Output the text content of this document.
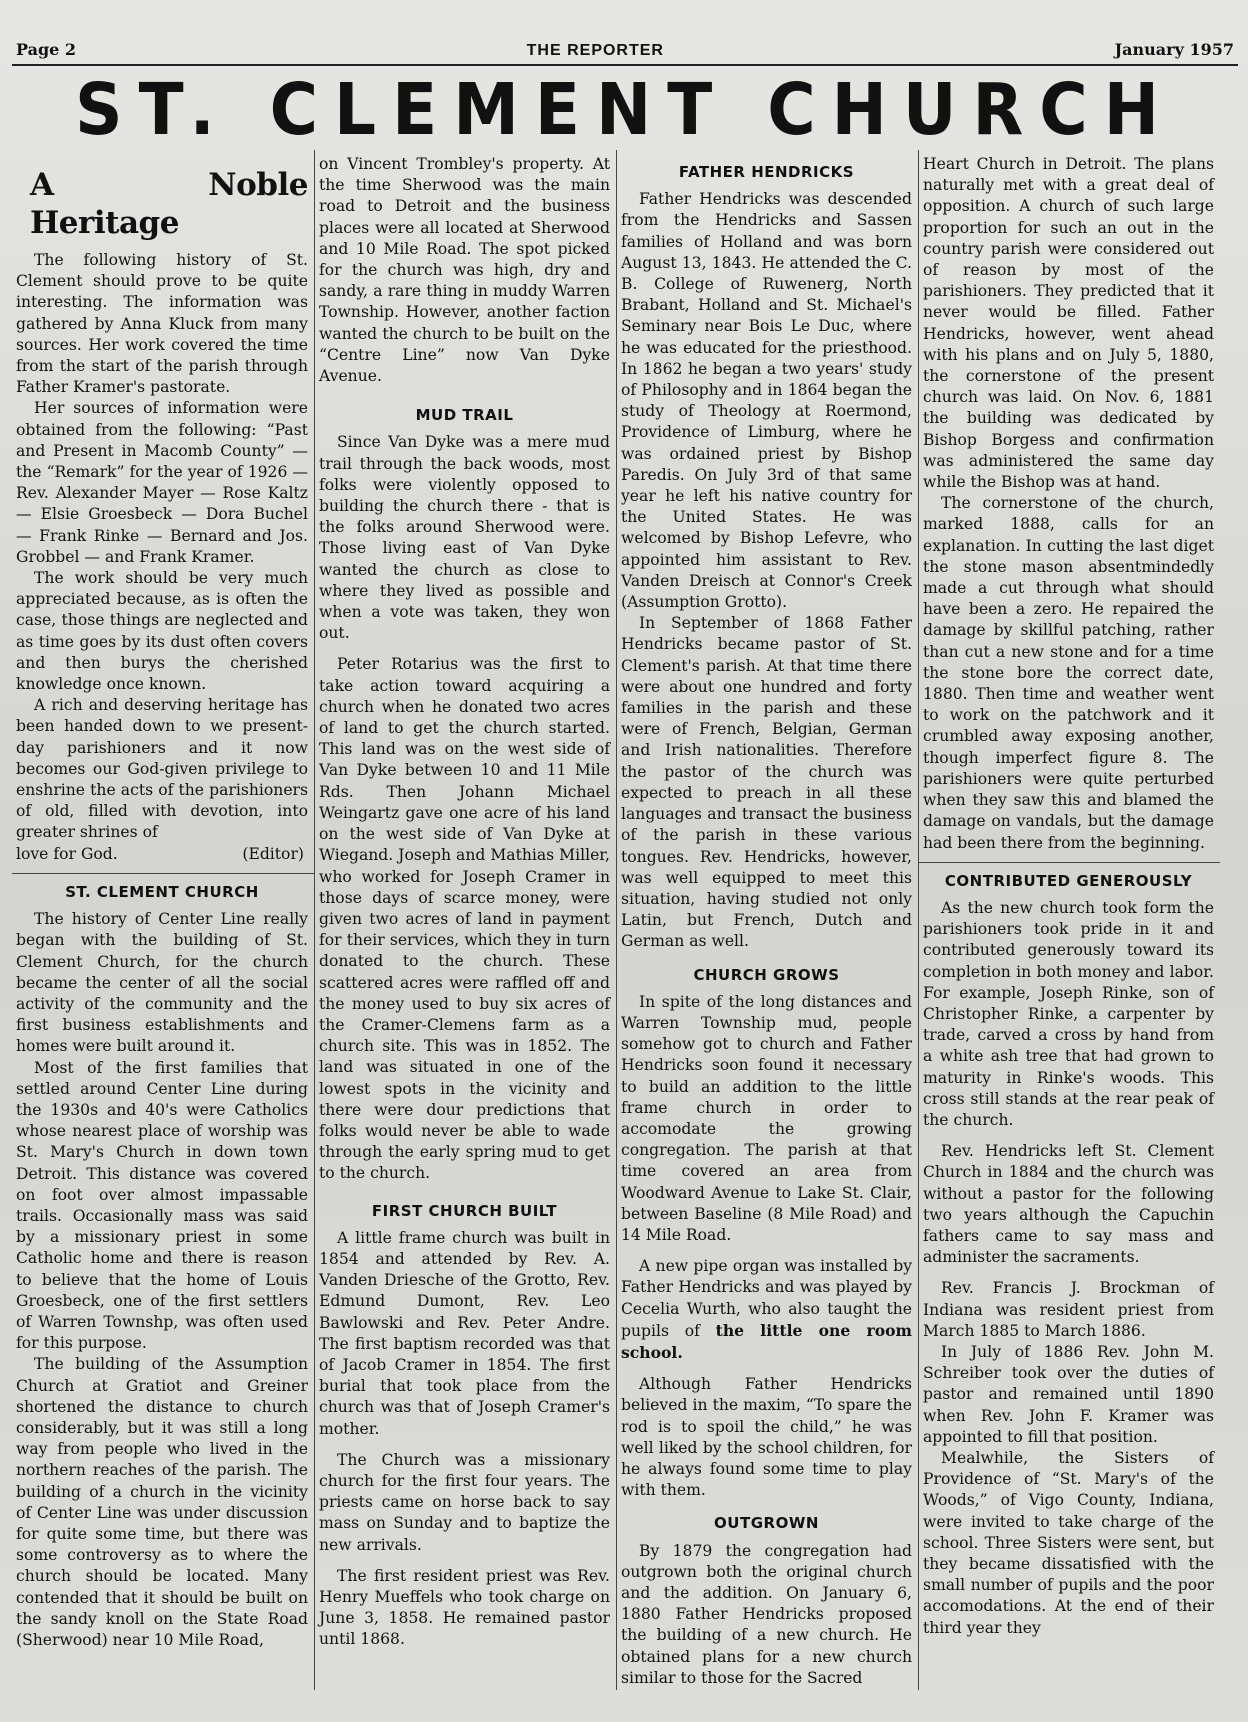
Page 2	THE REPORTER	January 1957
ST. CLEMENT CHURCH
A Noble Heritage

The following history of St. Clement should prove to be quite interesting. The information was gathered by Anna Kluck from many sources. Her work covered the time from the start of the parish through Father Kramer's pastorate.

Her sources of information were obtained from the following: “Past and Present in Macomb County” — the “Remark” for the year of 1926 — Rev. Alexander Mayer — Rose Kaltz — Elsie Groesbeck — Dora Buchel — Frank Rinke — Bernard and Jos. Grobbel — and Frank Kramer.

The work should be very much appreciated because, as is often the case, those things are neglected and as time goes by its dust often covers and then burys the cherished knowledge once known.

A rich and deserving heritage has been handed down to we present-day parishioners and it now becomes our God-given privilege to enshrine the acts of the parishioners of old, filled with devotion, into greater shrines of

love for God.	(Editor)
ST. CLEMENT CHURCH

The history of Center Line really began with the building of St. Clement Church, for the church became the center of all the social activity of the community and the first business establishments and homes were built around it.

Most of the first families that settled around Center Line during the 1930s and 40's were Catholics whose nearest place of worship was St. Mary's Church in down town Detroit. This distance was covered on foot over almost impassable trails. Occasionally mass was said by a missionary priest in some Catholic home and there is reason to believe that the home of Louis Groesbeck, one of the first settlers of Warren Townshp, was often used for this purpose.

The building of the Assumption Church at Gratiot and Greiner shortened the distance to church considerably, but it was still a long way from people who lived in the northern reaches of the parish. The building of a church in the vicinity of Center Line was under discussion for quite some time, but there was some controversy as to where the church should be located. Many contended that it should be built on the sandy knoll on the State Road (Sherwood) near 10 Mile Road,

on Vincent Trombley's property. At the time Sherwood was the main road to Detroit and the business places were all located at Sherwood and 10 Mile Road. The spot picked for the church was high, dry and sandy, a rare thing in muddy Warren Township. However, another faction wanted the church to be built on the “Centre Line” now Van Dyke Avenue.

MUD TRAIL

Since Van Dyke was a mere mud trail through the back woods, most folks were violently opposed to building the church there - that is the folks around Sherwood were. Those living east of Van Dyke wanted the church as close to where they lived as possible and when a vote was taken, they won out.

Peter Rotarius was the first to take action toward acquiring a church when he donated two acres of land to get the church started. This land was on the west side of Van Dyke between 10 and 11 Mile Rds. Then Johann Michael Weingartz gave one acre of his land on the west side of Van Dyke at Wiegand. Joseph and Mathias Miller, who worked for Joseph Cramer in those days of scarce money, were given two acres of land in payment for their services, which they in turn donated to the church. These scattered acres were raffled off and the money used to buy six acres of the Cramer-Clemens farm as a church site. This was in 1852. The land was situated in one of the lowest spots in the vicinity and there were dour predictions that folks would never be able to wade through the early spring mud to get to the church.

FIRST CHURCH BUILT

A little frame church was built in 1854 and attended by Rev. A. Vanden Driesche of the Grotto, Rev. Edmund Dumont, Rev. Leo Bawlowski and Rev. Peter Andre. The first baptism recorded was that of Jacob Cramer in 1854. The first burial that took place from the church was that of Joseph Cramer's mother.

The Church was a missionary church for the first four years. The priests came on horse back to say mass on Sunday and to baptize the new arrivals.

The first resident priest was Rev. Henry Mueffels who took charge on June 3, 1858. He remained pastor until 1868.

FATHER HENDRICKS

Father Hendricks was descended from the Hendricks and Sassen families of Holland and was born August 13, 1843. He attended the C. B. College of Ruwenerg, North Brabant, Holland and St. Michael's Seminary near Bois Le Duc, where he was educated for the priesthood. In 1862 he began a two years' study of Philosophy and in 1864 began the study of Theology at Roermond, Providence of Limburg, where he was ordained priest by Bishop Paredis. On July 3rd of that same year he left his native country for the United States. He was welcomed by Bishop Lefevre, who appointed him assistant to Rev. Vanden Dreisch at Connor's Creek (Assumption Grotto).

In September of 1868 Father Hendricks became pastor of St. Clement's parish. At that time there were about one hundred and forty families in the parish and these were of French, Belgian, German and Irish nationalities. Therefore the pastor of the church was expected to preach in all these languages and transact the business of the parish in these various tongues. Rev. Hendricks, however, was well equipped to meet this situation, having studied not only Latin, but French, Dutch and German as well.

CHURCH GROWS

In spite of the long distances and Warren Township mud, people somehow got to church and Father Hendricks soon found it necessary to build an addition to the little frame church in order to accomodate the growing congregation. The parish at that time covered an area from Woodward Avenue to Lake St. Clair, between Baseline (8 Mile Road) and 14 Mile Road.

A new pipe organ was installed by Father Hendricks and was played by Cecelia Wurth, who also taught the pupils of the little one room school.

Although Father Hendricks believed in the maxim, “To spare the rod is to spoil the child,” he was well liked by the school children, for he always found some time to play with them.

OUTGROWN

By 1879 the congregation had outgrown both the original church and the addition. On January 6, 1880 Father Hendricks proposed the building of a new church. He obtained plans for a new church similar to those for the Sacred

Heart Church in Detroit. The plans naturally met with a great deal of opposition. A church of such large proportion for such an out in the country parish were considered out of reason by most of the parishioners. They predicted that it never would be filled. Father Hendricks, however, went ahead with his plans and on July 5, 1880, the cornerstone of the present church was laid. On Nov. 6, 1881 the building was dedicated by Bishop Borgess and confirmation was administered the same day while the Bishop was at hand.

The cornerstone of the church, marked 1888, calls for an explanation. In cutting the last diget the stone mason absentmindedly made a cut through what should have been a zero. He repaired the damage by skillful patching, rather than cut a new stone and for a time the stone bore the correct date, 1880. Then time and weather went to work on the patchwork and it crumbled away exposing another, though imperfect figure 8. The parishioners were quite perturbed when they saw this and blamed the damage on vandals, but the damage had been there from the beginning.

CONTRIBUTED GENEROUSLY

As the new church took form the parishioners took pride in it and contributed generously toward its completion in both money and labor. For example, Joseph Rinke, son of Christopher Rinke, a carpenter by trade, carved a cross by hand from a white ash tree that had grown to maturity in Rinke's woods. This cross still stands at the rear peak of the church.

Rev. Hendricks left St. Clement Church in 1884 and the church was without a pastor for the following two years although the Capuchin fathers came to say mass and administer the sacraments.

Rev. Francis J. Brockman of Indiana was resident priest from March 1885 to March 1886.

In July of 1886 Rev. John M. Schreiber took over the duties of pastor and remained until 1890 when Rev. John F. Kramer was appointed to fill that position.

Mealwhile, the Sisters of Providence of “St. Mary's of the Woods,” of Vigo County, Indiana, were invited to take charge of the school. Three Sisters were sent, but they became dissatisfied with the small number of pupils and the poor accomodations. At the end of their third year they
